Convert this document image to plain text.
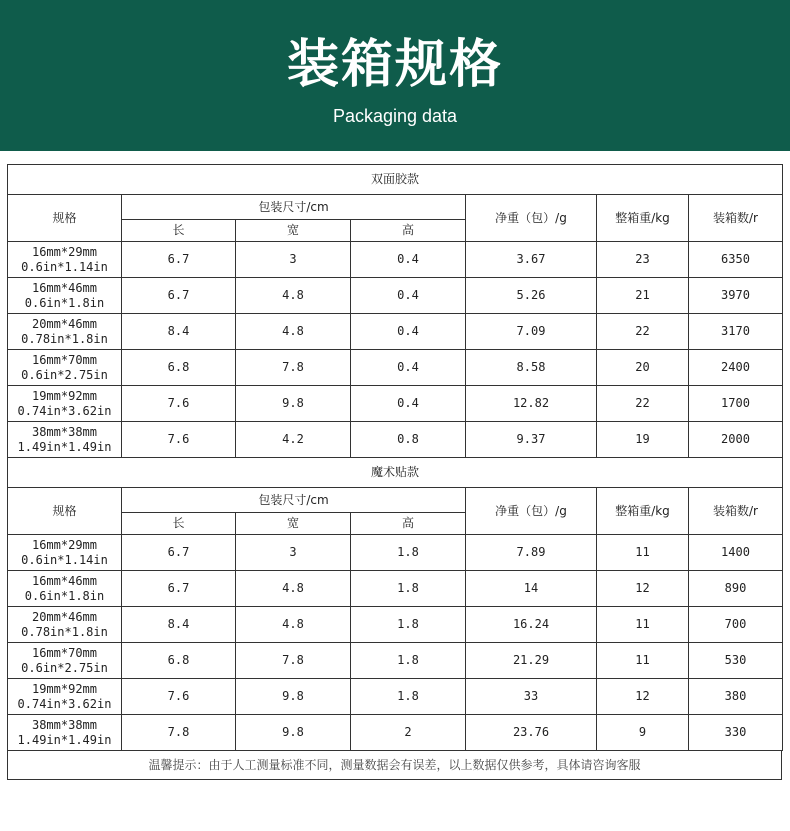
装箱规格
Packaging data
双面胶款						
规格	包装尺寸/cm			净重（包）/g	整箱重/kg	装箱数/r
	长	宽	高			
16mm*29mm
0.6in*1.14in	6.7	3	0.4	3.67	23	6350
16mm*46mm
0.6in*1.8in	6.7	4.8	0.4	5.26	21	3970
20mm*46mm
0.78in*1.8in	8.4	4.8	0.4	7.09	22	3170
16mm*70mm
0.6in*2.75in	6.8	7.8	0.4	8.58	20	2400
19mm*92mm
0.74in*3.62in	7.6	9.8	0.4	12.82	22	1700
38mm*38mm
1.49in*1.49in	7.6	4.2	0.8	9.37	19	2000
魔术贴款						
规格	包装尺寸/cm			净重（包）/g	整箱重/kg	装箱数/r
	长	宽	高			
16mm*29mm
0.6in*1.14in	6.7	3	1.8	7.89	11	1400
16mm*46mm
0.6in*1.8in	6.7	4.8	1.8	14	12	890
20mm*46mm
0.78in*1.8in	8.4	4.8	1.8	16.24	11	700
16mm*70mm
0.6in*2.75in	6.8	7.8	1.8	21.29	11	530
19mm*92mm
0.74in*3.62in	7.6	9.8	1.8	33	12	380
38mm*38mm
1.49in*1.49in	7.8	9.8	2	23.76	9	330
温馨提示：由于人工测量标准不同，测量数据会有误差，以上数据仅供参考，具体请咨询客服
